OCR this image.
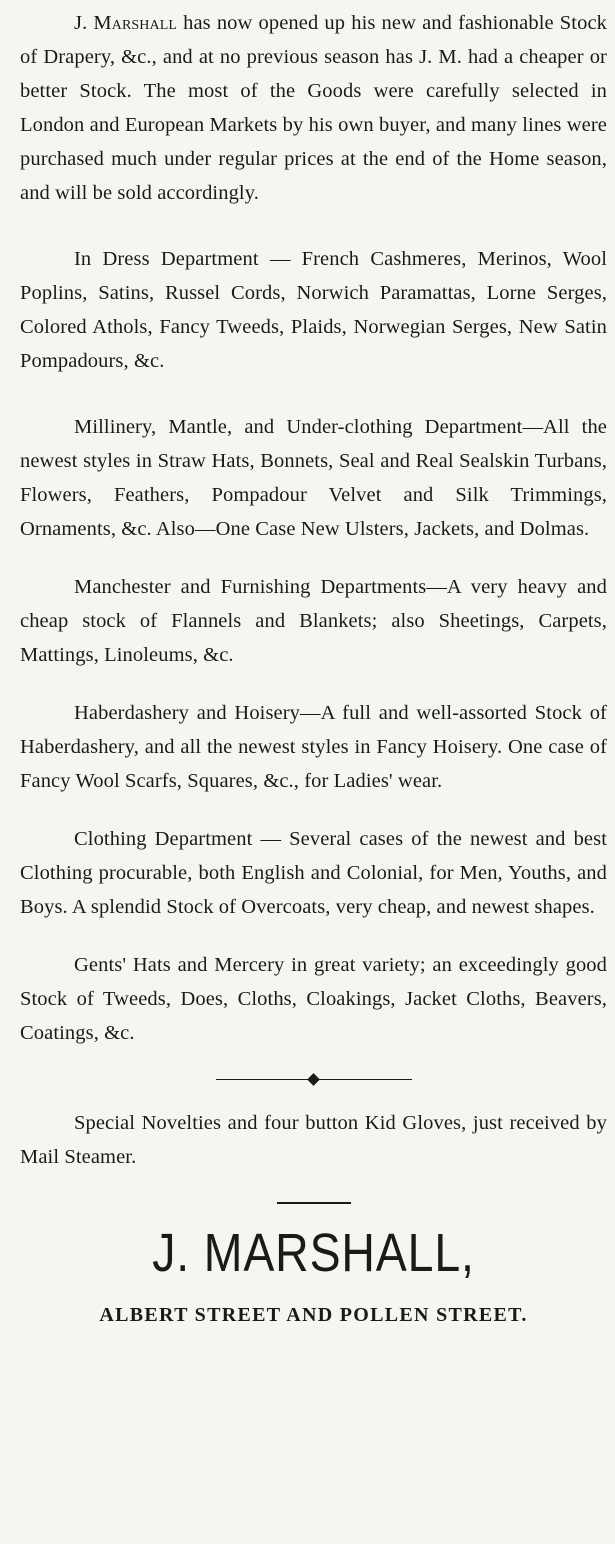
J. Marshall has now opened up his new and fashionable Stock of Drapery, &c., and at no previous season has J. M. had a cheaper or better Stock. The most of the Goods were carefully selected in London and European Markets by his own buyer, and many lines were purchased much under regular prices at the end of the Home season, and will be sold accordingly.

In Dress Department — French Cashmeres, Merinos, Wool Poplins, Satins, Russel Cords, Norwich Paramattas, Lorne Serges, Colored Athols, Fancy Tweeds, Plaids, Norwegian Serges, New Satin Pompadours, &c.

Millinery, Mantle, and Under-clothing Department—All the newest styles in Straw Hats, Bonnets, Seal and Real Sealskin Turbans, Flowers, Feathers, Pompadour Velvet and Silk Trimmings, Ornaments, &c. Also—One Case New Ulsters, Jackets, and Dolmas.

Manchester and Furnishing Departments—A very heavy and cheap stock of Flannels and Blankets; also Sheetings, Carpets, Mattings, Linoleums, &c.

Haberdashery and Hoisery—A full and well-assorted Stock of Haberdashery, and all the newest styles in Fancy Hoisery. One case of Fancy Wool Scarfs, Squares, &c., for Ladies' wear.

Clothing Department — Several cases of the newest and best Clothing procurable, both English and Colonial, for Men, Youths, and Boys. A splendid Stock of Overcoats, very cheap, and newest shapes.

Gents' Hats and Mercery in great variety; an exceedingly good Stock of Tweeds, Does, Cloths, Cloakings, Jacket Cloths, Beavers, Coatings, &c.

Special Novelties and four button Kid Gloves, just received by Mail Steamer.

J. MARSHALL,
ALBERT STREET AND POLLEN STREET.
